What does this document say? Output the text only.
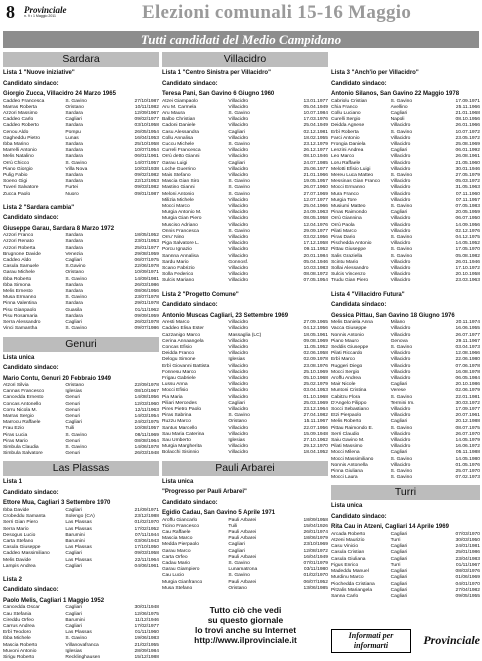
8	Provinciale
n. 9 • 1 Maggio 2011	Elezioni comunali 15-16 Maggio
Tutti candidati del Medio Campidano
Sardara
Lista 1 "Nuove iniziative"
Candidato sindaco:
Giorgio Zucca, Villacidro 24 Marzo 1965
Caddeo Francesca	S. Gavino	27/10/1987
Marras Roberta	Oristano	10/11/1982
Azzori Massimo	Sardara	12/09/1967
Caddeo Carlo	Cagliari	09/02/1977
Caddeo Roberto	Sardara	03/10/1958
Cenou Aldo	Pompu	26/05/1954
Gagheddu Pietro	Lunas	16/04/1953
Ibba Marino	Sardara	25/10/1958
Marrelli Antonio	Sardara	10/07/1954
Melis Natalino	Sardara	06/01/1961
Orrù Chicco	S. Gavino	14/07/1957
Piano Giorgio	Villa Nova	10/03/1938
Pulig Fabio	Sardara	09/02/1982
Soeno Gigi	Sardara	22/12/1953
Tuveri Salvatore	Furtei	09/03/1982
Zucca Paolo	Nuoro	09/01/1987
Lista 2 "Sardara cambia"
Candidato sindaco:
Giuseppe Garau, Sardara 8 Marzo 1972
Azzori Franco	Sardara	18/05/1952
Azzori Renato	Sardara	23/01/1953
Azzori Roberta	Sardara	25/01/1977
Brugnone Davide	Venezia	29/08/1959
Caddeo Aldo	Cagliari	06/07/1975
Casula Samuele	S.Gavino	22/06/1978
Garau Michele	Oristano	10/09/1971
Ibba Roberto	S. Gavino	14/09/1981
Ibba Simona	Sardara	26/03/1986
Melis Ernesto	Sardara	08/06/1956
Musa Ermanno	S. Gavino	23/07/1978
Pinna Valentina	Sardara	29/01/1978
Pisu Gianpaolo	Guasila	01/11/1962
Pisu Rosamaria	Sardara	09/09/1959
Serra Alessandro	Cagliari	26/02/1978
Vinci Samantha	S. Gavino	09/07/1986
Genuri
Lista unica
Candidato sindaco:
Mario Contu, Genuri 20 Febbraio 1949
Atzori Silvia	Oristano	22/09/1978
Cannas Francesco	Iglesias	08/10/1967
Cancedda Ernesto	Genuri	14/08/1956
Concas Antonello	Genuri	12/03/1960
Corru Nicola M.	Genuri	12/11/1963
Marras Sergio	Genuri	14/03/1954
Marrocu Raffaele	Cagliari	24/02/1975
Frau Ezio	Tuili	10/08/1957
Piras Lucia	S. Gavino	08/11/1969
Piras Mario	Genuri	08/08/1964
Simbula Claudia	S. Gavino	14/06/1978
Simbula Salvatore	Genuri	26/03/1948
Las Plassas
Lista 1
Candidato sindaco:
Ettore Mua, Cagliari 3 Settembre 1970
Ibba Davide	Cagliari	21/09/1971
Crobeddu Samanta	Solengo (CA)	23/12/1988
Serri Gian Piero	Las Plassas	01/02/1970
Serra Mario	Las Plassas	17/02/1952
Desogus Lucio	Barumini	07/11/1944
Carta Stefano	Barumini	03/06/1943
Casula Giuseppe	Las Plassas	17/10/1950
Caddeo Massimiliano	Cagliari	09/03/1958
Melis Davide	Las Plassas	22/11/1964
Lampis Andrea	Cagliari	04/06/1961
Lista 2
Candidato sindaco:
Paolo Melis, Cagliari 1 Maggio 1952
Cancedda Oscar	Cagliari	30/01/1948
Cau Stefania	Cagliari	12/06/1975
Cireddu Orfeo	Barumini	11/12/1946
Carrus Andrea	Cagliari	17/02/1977
Erbì Teodoro	Las Plassas	01/11/1960
Ibba Michele	S. Gavino	19/06/1983
Mascia Roberto	Villanovafranca	21/02/1955
Muvoni Antonio	Iglesias	28/09/1984
Sirigu Roberto	Recklinghausen	15/12/1988
Villacidro
Lista 1 "Centro Sinistra per Villacidro"
Candidato sindaco:
Teresa Pani, San Gavino 6 Giugno 1960
Atzei Giampaolo	Villacidro	13.01.1977
Aru M. Carmela	Villacidro	05.04.1949
Aru Maura	S. Gavino	10.07.1984
Balbo Christian	Villacidro	17.03.1976
Cadoni Daniele	Villacidro	25.04.1949
Casu Alessandra	Cagliari	02.12.1981
Collu Annalisa	Villacidro	18.02.1955
Cuccu Michele	S. Gavino	23.12.1979
Curreli Francesca	Villacidro	26.12.1977
Orrù detto Gianni	Villacidro	08.10.1946
Garau Luigi	Cagliari	24.07.1985
Loche Guerrino	Villacidro	25.06.1977
Mais Stefano	Villacidro	21.01.1966
Mascia Gian Siro	S. Gavino	19.05.1957
Mastino Gianni	S. Gavino	26.07.1960
Meloni Antonio	S. Gavino	27.07.1969
Milizia Michele	Villacidro	12.07.1977
Mocci Marco	Villacidro	25.04.1966
Murgia Antonio M.	Villacidro	24.09.1963
Murgia Gian Piero	Villacidro	08.05.1958
Musciso Adriano	Villacidro	12.04.1976
Onnis Francesca	S. Gavino	29.09.1977
Orru' Nino	Villacidro	03.02.1956
Piga Salvatore L.	Villacidro	17.12.1958
Porcu Ignazio	Villacidro	09.11.1952
Sannna Annalisa	Villacidro	20.01.1984
Sardu Mario	Gonnosf.	05.04.1946
Scano Fabrizio	Villacidro	10.03.1983
Solla Federico	Villacidro	08.08.1972
Sulcis Mariano	Villacidro	07.05.1954
Lista 2 "Progetto Comune"
Candidato sindaco:
Antonio Muscas Cagliari, 23 Settembre 1969
Aresti Marco	Villacidro	27.09.1965
Caddeo Elisa Ester	Villacidro	04.12.1956
Cazzanigo Marco	Massaglia (LC)	18.05.1961
Cerina Annaangela	Villacidro	09.08.1969
Concas Efisio	Villacidro	11.05.1952
Deidda Franco	Villacidro	02.06.1958
Delogu Simone	Iglesias	02.09.1978
Erbì Giovanni Battista	Villacidro	23.08.1976
Fonnesu Marco	Villacidro	25.10.1969
Frigau Gabriele	Villacidro	05.10.1968
Lussu Anna	Villacidro	25.02.1979
Mocci Efisio	Villacidro	03.04.1953
Pia Maria	Villacidro	01.10.1968
Piliari Mercedes	Cagliari	25.03.1969
Pires Pietro Paolo	Villacidro	23.12.1964
Piras Sabrina	S. Gavino	27.04.1982
Ruzzu Marco	Oristano	15.11.1967
Santus Marcello	Villacidro	22.07.1956
Sau Maria Caterina	Villacidro	15.09.1948
Sau Umberto	Iglesias	27.10.1962
Murgia Margherita	Villacidro	29.12.1970
Bolacchi Sisinnio	Villacidro	18.04.1952
Pauli Arbarei
Lista unica
"Progresso per Pauli Arbarei"
Candidato sindaco:
Egidio Cadau, San Gavino 5 Aprile 1971
Aroffu Giancarlo	Pauli Arbarei	18/09/1958
Ticino Francesco	Tuili	15/04/1926
Cau Raffaele	Pauli Arbarei	26/01/1974
Mascia Marco	Pauli Arbarei	18/06/1979
Medda Pierpaolo	Cagliari	23/10/1969
Garau Marco	Cagliari	12/08/1972
Carta Orfeo	Pauli Arbarei	16/04/1949
Cadau Mario	S. Gavino	07/01/1979
Garau Giampiero	Lunamatrona	03/11/1980
Cau Lucio	S. Gavino	01/02/1970
Murgia Gianfranco	Pauli Arbarei	06/07/1952
Musa Stefano	Oristano	13/06/1985
Tutto ciò che vedi
su questo giornale
lo trovi anche su Internet
http://www.ilprovinciale.it
Lista 3 "Anch'io per Villacidro"
Candidato sindaco:
Antonio Silanos, San Gavino 22 Maggio 1978
Cabriolu Cristian	S. Gavino	17.09.1971
Chia Franco	Avellino	25.11.1966
Collu Luciano	Cagliari	21.01.1968
Curelli Sergio	Napoli	08.10.1956
Deidda Agnese	Villacidro	26.01.1966
Erbì Roberta	S. Gavino	10.07.1972
Farci Antonio	Villacidro	23.05.1972
Frongia Daniela	Villacidro	25.08.1969
Lenzini Andrea	Cagliari	06.01.1992
Leo Marco	Villacidro	26.08.1961
Loru Raffaele	Villacidro	21.05.1960
Melotti Efisio Luigi	Villacidro	30.01.1946
Mereu Luca Matteo	S. Gavino	27.05.1979
Messinas Gian Franco	Villacidro	05.03.1972
Mocci Ermanno	Villacidro	31.05.1963
Mura Franco	Villacidro	07.11.1960
Murgia Tore	Villacidro	07.11.1957
Musiumi Matteo	S. Gavino	07.05.1983
Pinas Raimondo	Cagliari	20.05.1959
Orrù Giannina	Villacidro	06.07.1950
Orrù Paola	Villacidro	14.09.1956
Pilati Marco	Villacidro	02.12.1976
Piras Dario	S. Gavino	04.12.1975
Pischedda Antonio	Villacidro	14.05.1952
Pittau Giuseppe	S. Gavino	17.05.1970
Salis Graziella	S. Gavino	05.08.1982
Scintu Mario	Villacidro	26.01.1946
Sollai Alessandro	Villacidro	17.10.1972
Sulcis Vincenzo	Villacidro	20.10.1958
Trudu Gian Piero	Villacidro	23.03.1963
Lista 4 "Villacidro Futura"
Candidata sindaco:
Gessica Pittau, San Gavino 18 Giugno 1976
Melis Daniela Anna	Milano	20.11.1974
Vacca Giuseppe	Villacidro	16.06.1955
Nonnis Antonio	Villacidro	26.07.1977
Piano Mauro	Genova	29.11.1967
Seddis Giuseppe	S. Gavino	03.04.1973
Pilati Riccardo	Villacidro	12.08.1966
Erbì Marco	Villacidro	22.06.1980
Ruggeri Diego	Villacidro	07.06.1978
Mocci Sergio	Villacidro	16.08.1978
Aroffu Andrea	Villacidro	06.05.1984
Mair Nicole	Cagliari	20.10.1986
Muntoni Cristina	Verese	02.06.1979
Cabitzu Flora	S. Gavino	22.01.1981
D'Angelo Filippo	Termini Im.	30.03.1972
Socci Sebastiano	Villacidro	17.09.1977
Etzi Pierpaolo	Villacidro	20.07.1961
Melis Roberto	Cagliari	20.12.1988
Pittau Raimondo E.	S. Gavino	08.07.1975
Serri Claudio	Villacidro	26.07.1970
Saiu Gavino M.	Villacidro	14.05.1979
Pilati Massimo	Villacidro	16.06.1972
Mocci Milena	Cagliari	05.11.1988
Mocci Massimiliano	S. Gavino	14.05.1980
Nonnis Antonella	Villacidro	01.05.1976
Pinna Giuliana	S. Gavino	25.07.1970
Mocci Laura	S. Gavino	07.02.1973
Turri
Lista unica
Candidato sindaco:
Rita Cau in Atzeni, Cagliari 14 Aprile 1969
Arcada Roberto	Cagliari	07/03/1970
Atzeni Maurizio	Turri	30/03/1950
Casu Vinicio	Cagliari	24/01/1981
Casula Cristian	Cagliari	25/01/1986
Casula Giuliana	Cagliari	23/04/1983
Figus Enrico	Turri	01/11/1967
Madeddu Manuel	Cagliari	08/03/1976
Murdinu Marco	Cagliari	01/06/1969
Piochedda Cristiana	Cagliari	04/01/1970
Pitzalis Mariangela	Cagliari	27/04/1982
Sanna Carlo	Cagliari	09/05/1955
Informati per informarti	Provinciale
